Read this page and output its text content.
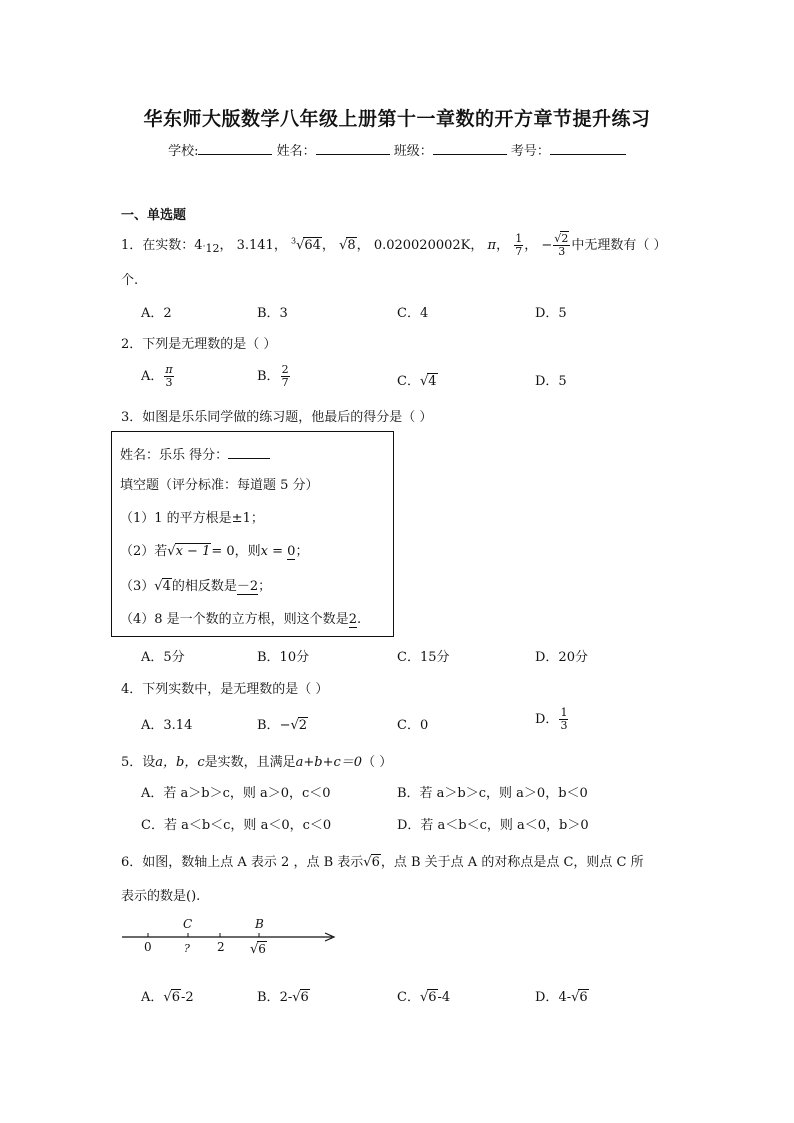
华东师大版数学八年级上册第十一章数的开方章节提升练习
学校:	姓名：	班级：	考号：
一、单选题
1．在实数：$4\cdot_{12}$， 3.141， $^3$√64， √8， 0.020020002K， π， $\frac{1}{7}$ ， − $\frac{√2}{3}$ 中无理数有（ ）
个.
A．2	B．3	C．4	D．5
2．下列是无理数的是（ ）
A． $\frac{\pi}{3}$	B． $\frac{2}{7}$	C．√4	D．5
3．如图是乐乐同学做的练习题，他最后的得分是（ ）
姓名：乐乐 得分：
填空题（评分标准：每道题 5 分）
（1）1 的平方根是±1；
（2）若√x − 1= 0，则x = 0；
（3）√4的相反数是－2；
（4）8 是一个数的立方根，则这个数是2.
A．5分	B．10分	C．15分	D．20分
4．下列实数中，是无理数的是（ ）
A．3.14	B．−√2	C．0	D． $\frac{1}{3}$
5．设a，b，c是实数，且满足a+b+c＝0（ ）
A．若 a＞b＞c，则 a＞0，c＜0	B．若 a＞b＞c，则 a＞0，b＜0
C．若 a＜b＜c，则 a＜0，c＜0	D．若 a＜b＜c，则 a＜0，b＞0
6．如图，数轴上点 A 表示 2 ，点 B 表示√6，点 B 关于点 A 的对称点是点 C，则点 C 所
表示的数是().
0
C
? 2
B
√6
A．√6-2	B．2-√6	C．√6-4	D．4-√6
